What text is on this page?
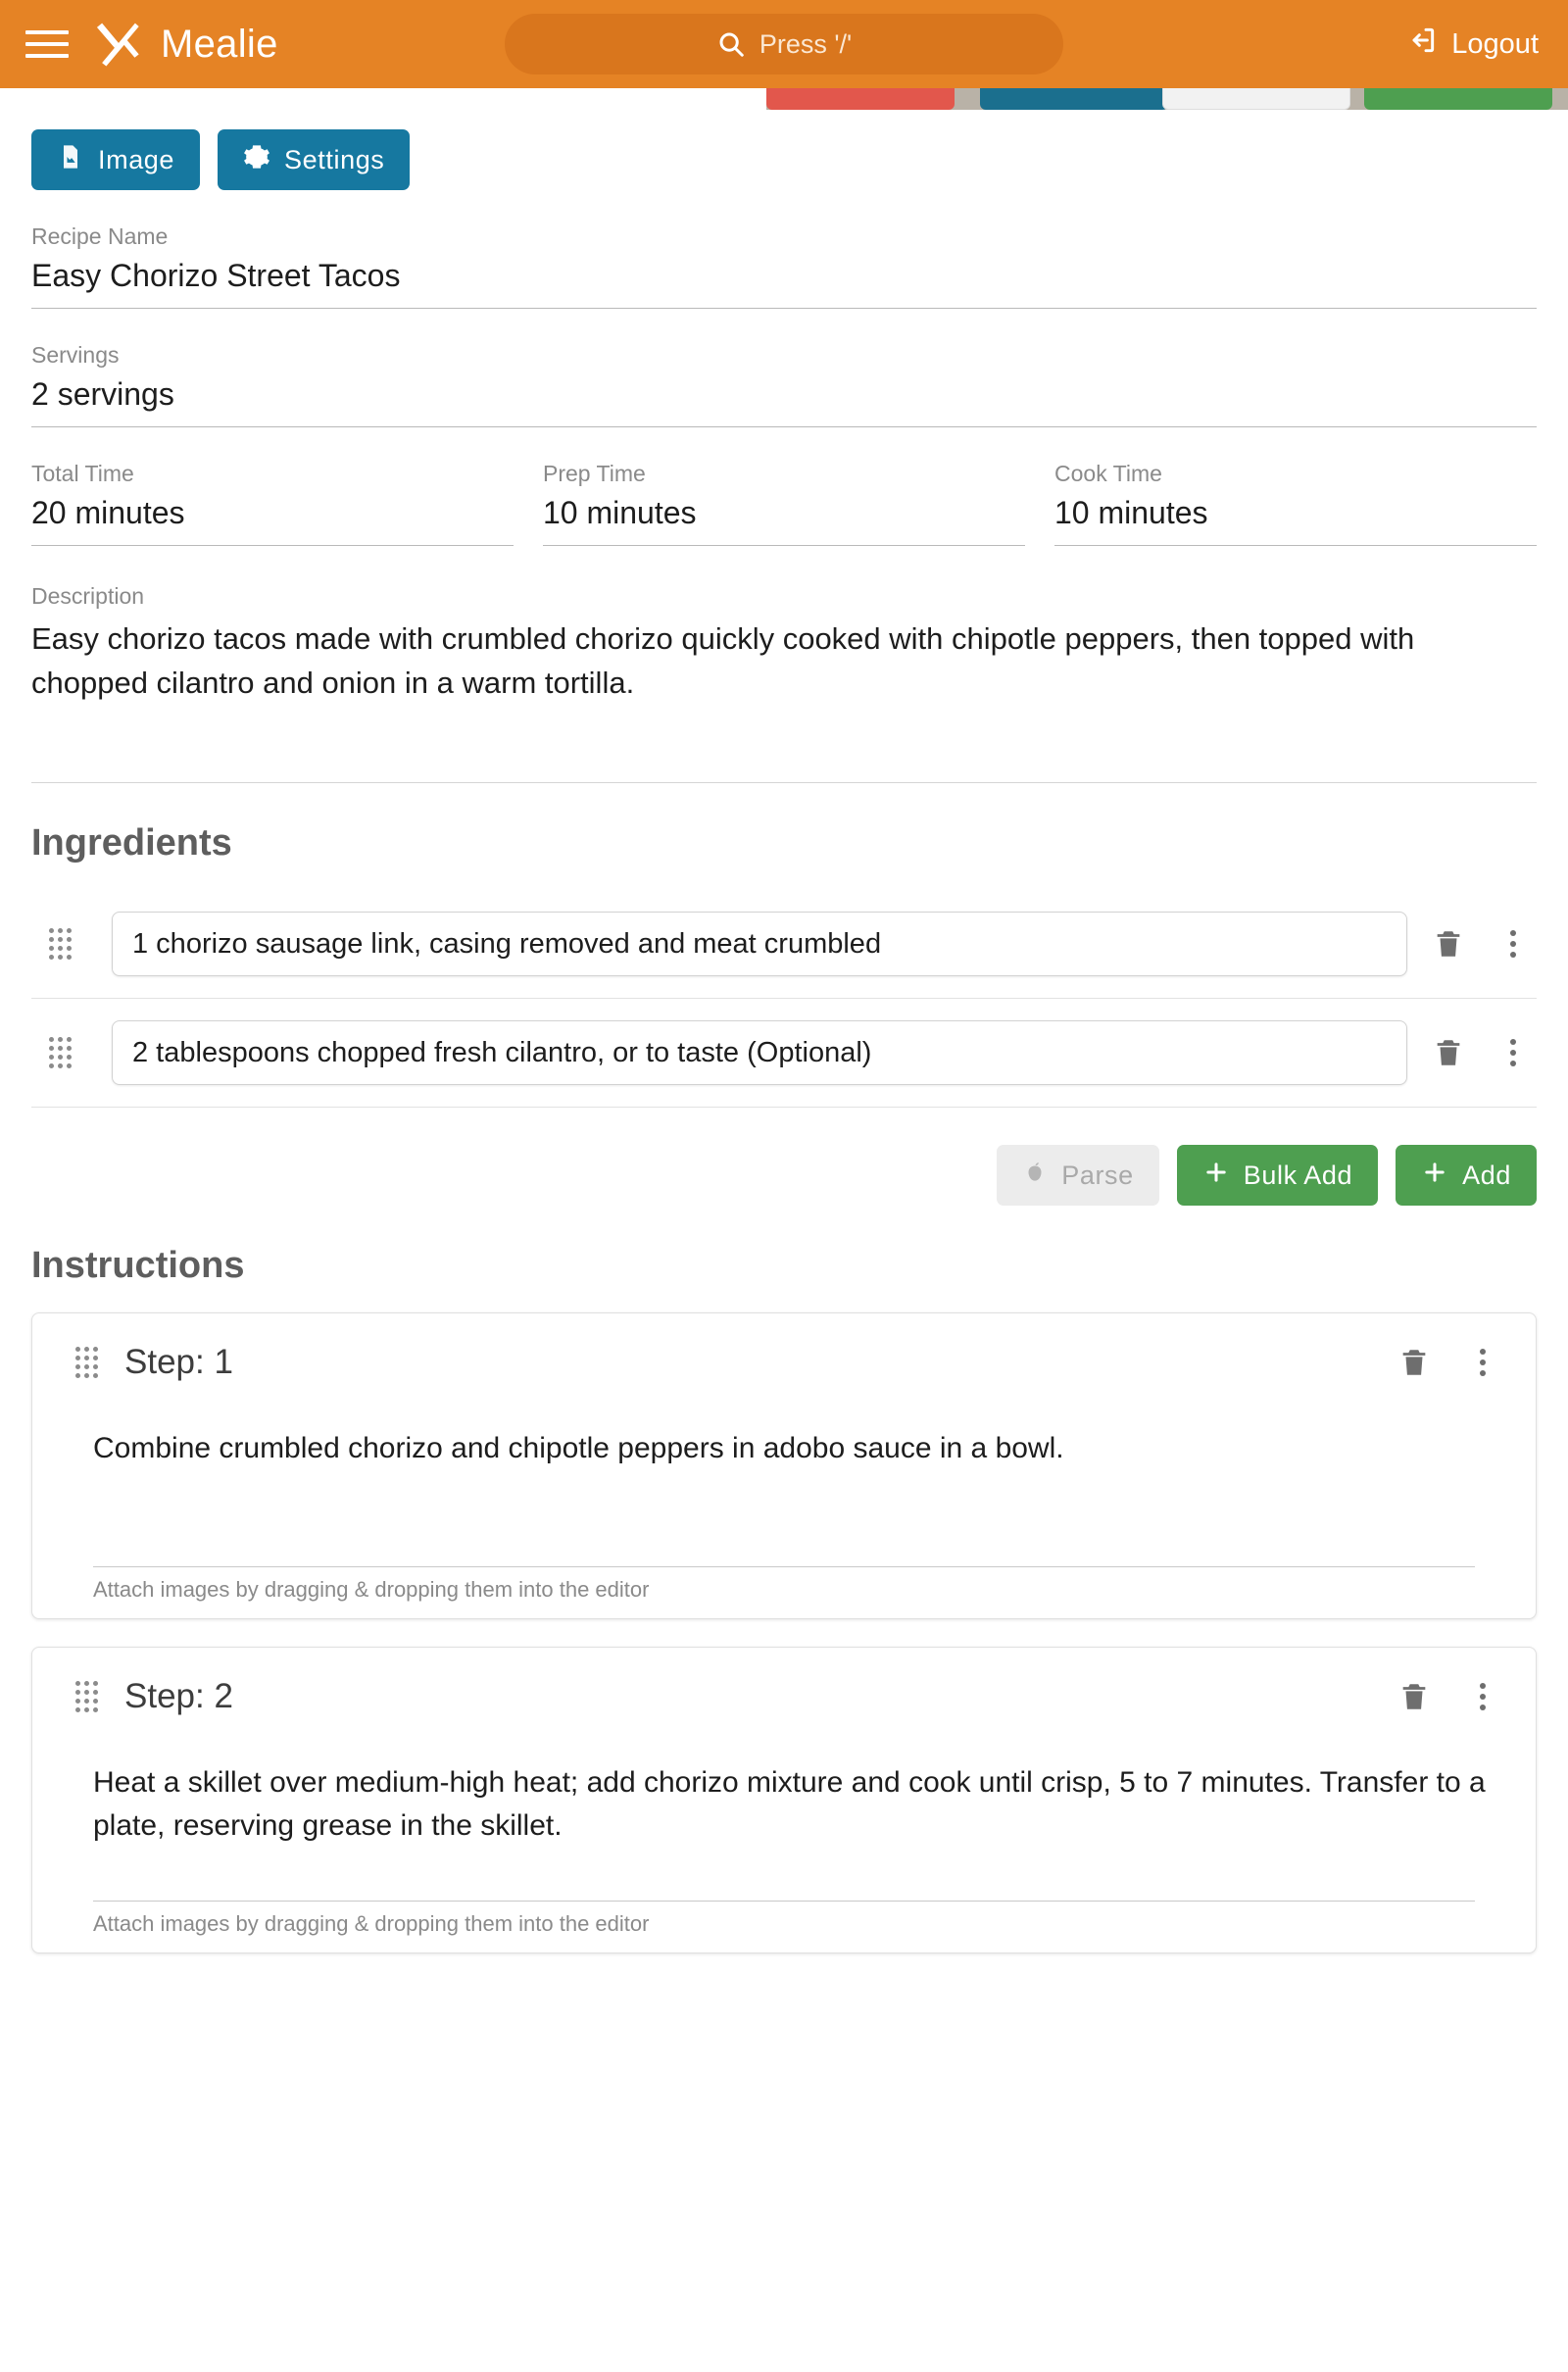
Mealie	Press '/'	Logout
Image	Settings
Recipe Name
Easy Chorizo Street Tacos
Servings
2 servings
Total Time
20 minutes
Prep Time
10 minutes
Cook Time
10 minutes
Description
Easy chorizo tacos made with crumbled chorizo quickly cooked with chipotle peppers, then topped with chopped cilantro and onion in a warm tortilla.
Ingredients
1 chorizo sausage link, casing removed and meat crumbled
2 tablespoons chopped fresh cilantro, or to taste (Optional)
Parse	Bulk Add	Add
Instructions
Step: 1
Combine crumbled chorizo and chipotle peppers in adobo sauce in a bowl.
Attach images by dragging & dropping them into the editor
Step: 2
Heat a skillet over medium-high heat; add chorizo mixture and cook until crisp, 5 to 7 minutes. Transfer to a plate, reserving grease in the skillet.
Attach images by dragging & dropping them into the editor
